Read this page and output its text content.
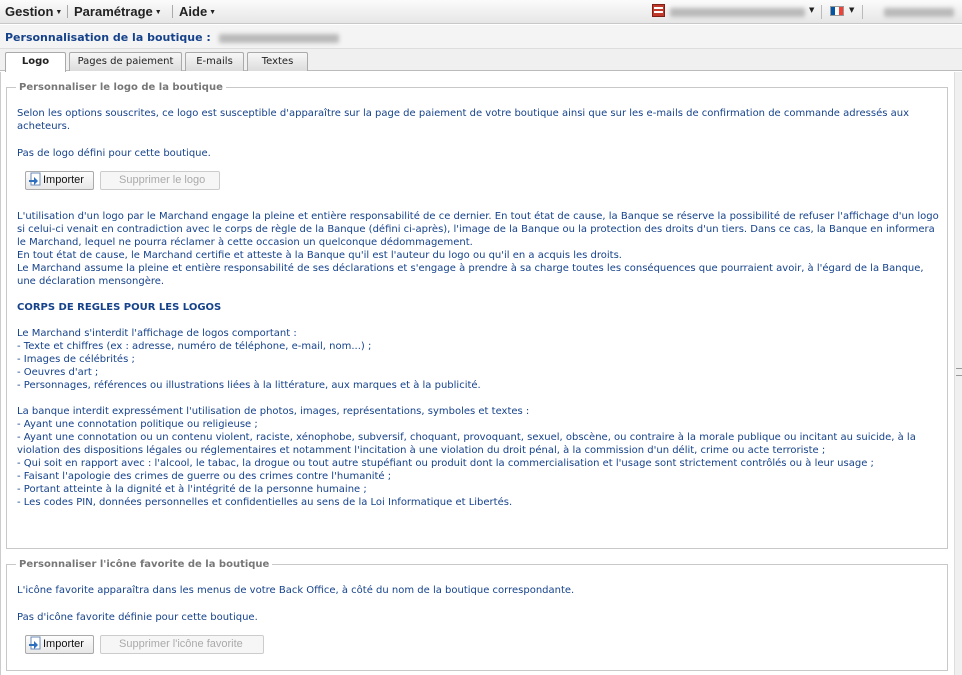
Gestion ▼ Paramétrage ▼ Aide ▼	▼	▼
Personnalisation de la boutique :
Logo	Pages de paiement	E-mails	Textes
Personnaliser le logo de la boutique
Selon les options souscrites, ce logo est susceptible d'apparaître sur la page de paiement de votre boutique ainsi que sur les e-mails de confirmation de commande adressés aux acheteurs.
Pas de logo défini pour cette boutique.
Importer	Supprimer le logo
L'utilisation d'un logo par le Marchand engage la pleine et entière responsabilité de ce dernier. En tout état de cause, la Banque se réserve la possibilité de refuser l'affichage d'un logo si celui-ci venait en contradiction avec le corps de règle de la Banque (défini ci-après), l'image de la Banque ou la protection des droits d'un tiers. Dans ce cas, la Banque en informera le Marchand, lequel ne pourra réclamer à cette occasion un quelconque dédommagement.
En tout état de cause, le Marchand certifie et atteste à la Banque qu'il est l'auteur du logo ou qu'il en a acquis les droits.
Le Marchand assume la pleine et entière responsabilité de ses déclarations et s'engage à prendre à sa charge toutes les conséquences que pourraient avoir, à l'égard de la Banque, une déclaration mensongère.
CORPS DE REGLES POUR LES LOGOS
Le Marchand s'interdit l'affichage de logos comportant :
- Texte et chiffres (ex : adresse, numéro de téléphone, e-mail, nom...) ;
- Images de célébrités ;
- Oeuvres d'art ;
- Personnages, références ou illustrations liées à la littérature, aux marques et à la publicité.
La banque interdit expressément l'utilisation de photos, images, représentations, symboles et textes :
- Ayant une connotation politique ou religieuse ;
- Ayant une connotation ou un contenu violent, raciste, xénophobe, subversif, choquant, provoquant, sexuel, obscène, ou contraire à la morale publique ou incitant au suicide, à la violation des dispositions légales ou réglementaires et notamment l'incitation à une violation du droit pénal, à la commission d'un délit, crime ou acte terroriste ;
- Qui soit en rapport avec : l'alcool, le tabac, la drogue ou tout autre stupéfiant ou produit dont la commercialisation et l'usage sont strictement contrôlés ou à leur usage ;
- Faisant l'apologie des crimes de guerre ou des crimes contre l'humanité ;
- Portant atteinte à la dignité et à l'intégrité de la personne humaine ;
- Les codes PIN, données personnelles et confidentielles au sens de la Loi Informatique et Libertés.
Personnaliser l'icône favorite de la boutique
L'icône favorite apparaîtra dans les menus de votre Back Office, à côté du nom de la boutique correspondante.
Pas d'icône favorite définie pour cette boutique.
Importer	Supprimer l'icône favorite
